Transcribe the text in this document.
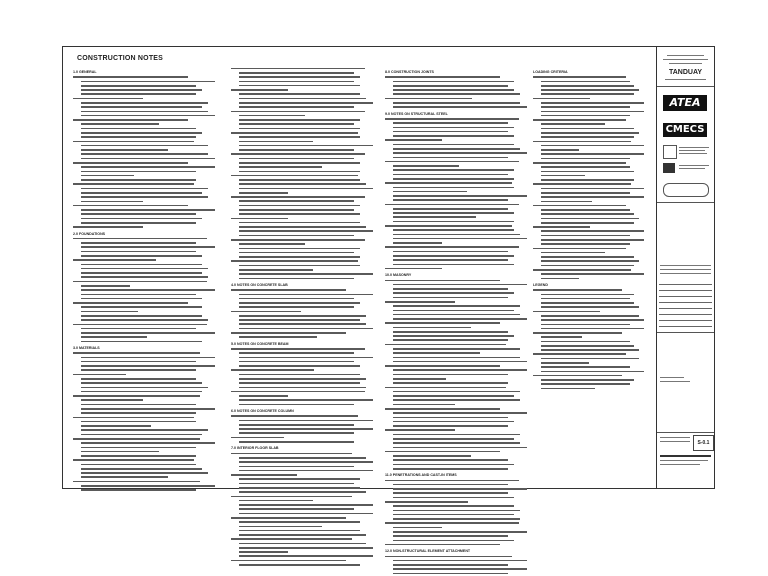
CONSTRUCTION NOTES
1.0 GENERAL
2.0 FOUNDATIONS
3.0 MATERIALS
4.0 NOTES ON CONCRETE SLAB
5.0 NOTES ON CONCRETE BEAM
6.0 NOTES ON CONCRETE COLUMN
7.0 INTERIOR FLOOR SLAB
8.0 CONSTRUCTION JOINTS
9.0 NOTES ON STRUCTURAL STEEL
10.0 MASONRY
11.0 PENETRATIONS AND CAST-IN ITEMS
12.0 NON-STRUCTURAL ELEMENT ATTACHMENT
LOADING CRITERIA
LEGEND
TANDUAY
ATEA
CMECS
S-0.1
